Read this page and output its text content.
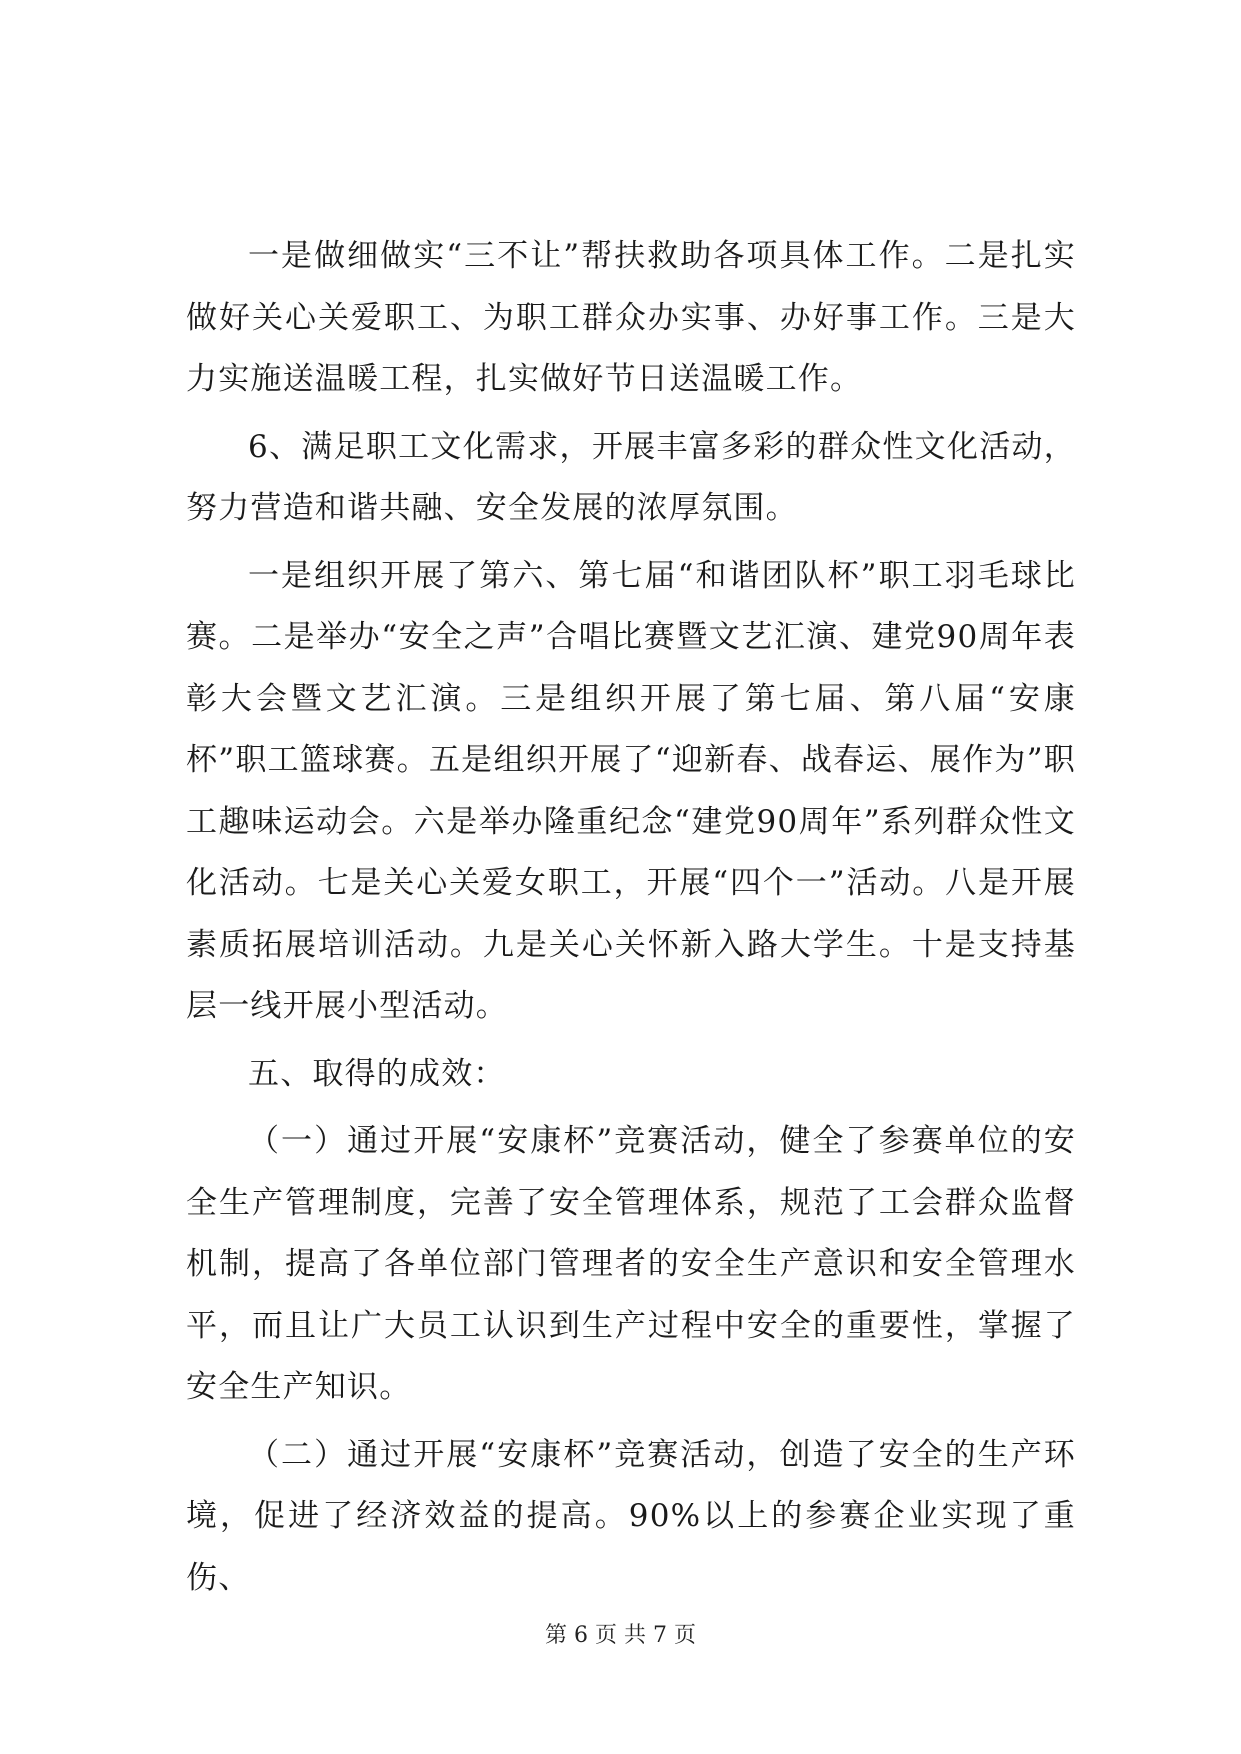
一是做细做实“三不让”帮扶救助各项具体工作。二是扎实做好关心关爱职工、为职工群众办实事、办好事工作。三是大力实施送温暖工程，扎实做好节日送温暖工作。

6、满足职工文化需求，开展丰富多彩的群众性文化活动，努力营造和谐共融、安全发展的浓厚氛围。

一是组织开展了第六、第七届“和谐团队杯”职工羽毛球比赛。二是举办“安全之声”合唱比赛暨文艺汇演、建党90周年表彰大会暨文艺汇演。三是组织开展了第七届、第八届“安康杯”职工篮球赛。五是组织开展了“迎新春、战春运、展作为”职工趣味运动会。六是举办隆重纪念“建党90周年”系列群众性文化活动。七是关心关爱女职工，开展“四个一”活动。八是开展素质拓展培训活动。九是关心关怀新入路大学生。十是支持基层一线开展小型活动。

五、取得的成效：

（一）通过开展“安康杯”竞赛活动，健全了参赛单位的安全生产管理制度，完善了安全管理体系，规范了工会群众监督机制，提高了各单位部门管理者的安全生产意识和安全管理水平，而且让广大员工认识到生产过程中安全的重要性，掌握了安全生产知识。

（二）通过开展“安康杯”竞赛活动，创造了安全的生产环境，促进了经济效益的提高。90%以上的参赛企业实现了重伤、

第 6 页 共 7 页
